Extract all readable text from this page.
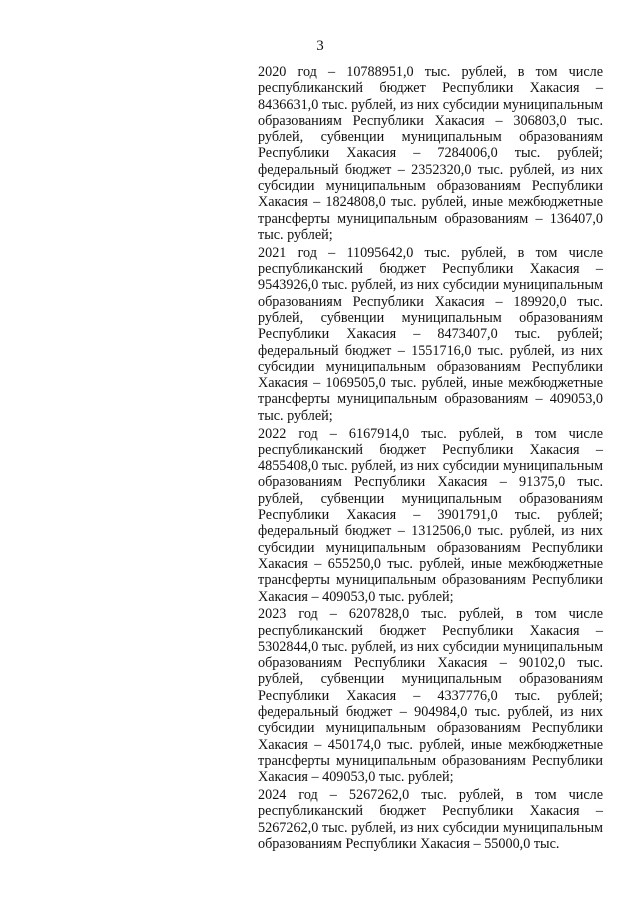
3

2020 год – 10788951,0 тыс. рублей, в том числе республиканский бюджет Республики Хакасия – 8436631,0 тыс. рублей, из них субсидии муниципальным образованиям Республики Хакасия – 306803,0 тыс. рублей, субвенции муниципальным образованиям Республики Хакасия – 7284006,0 тыс. рублей; федеральный бюджет – 2352320,0 тыс. рублей, из них субсидии муниципальным образованиям Республики Хакасия – 1824808,0 тыс. рублей, иные межбюджетные трансферты муниципальным образованиям – 136407,0 тыс. рублей;

2021 год – 11095642,0 тыс. рублей, в том числе республиканский бюджет Республики Хакасия – 9543926,0 тыс. рублей, из них субсидии муниципальным образованиям Республики Хакасия – 189920,0 тыс. рублей, субвенции муниципальным образованиям Республики Хакасия – 8473407,0 тыс. рублей; федеральный бюджет – 1551716,0 тыс. рублей, из них субсидии муниципальным образованиям Республики Хакасия – 1069505,0 тыс. рублей, иные межбюджетные трансферты муниципальным образованиям – 409053,0 тыс. рублей;

2022 год – 6167914,0 тыс. рублей, в том числе республиканский бюджет Республики Хакасия – 4855408,0 тыс. рублей, из них субсидии муниципальным образованиям Республики Хакасия – 91375,0 тыс. рублей, субвенции муниципальным образованиям Республики Хакасия – 3901791,0 тыс. рублей; федеральный бюджет – 1312506,0 тыс. рублей, из них субсидии муниципальным образованиям Республики Хакасия – 655250,0 тыс. рублей, иные межбюджетные трансферты муниципальным образованиям Республики Хакасия – 409053,0 тыс. рублей;

2023 год – 6207828,0 тыс. рублей, в том числе республиканский бюджет Республики Хакасия – 5302844,0 тыс. рублей, из них субсидии муниципальным образованиям Республики Хакасия – 90102,0 тыс. рублей, субвенции муниципальным образованиям Республики Хакасия – 4337776,0 тыс. рублей; федеральный бюджет – 904984,0 тыс. рублей, из них субсидии муниципальным образованиям Республики Хакасия – 450174,0 тыс. рублей, иные межбюджетные трансферты муниципальным образованиям Республики Хакасия – 409053,0 тыс. рублей;

2024 год – 5267262,0 тыс. рублей, в том числе республиканский бюджет Республики Хакасия – 5267262,0 тыс. рублей, из них субсидии муниципальным образованиям Республики Хакасия – 55000,0 тыс.
